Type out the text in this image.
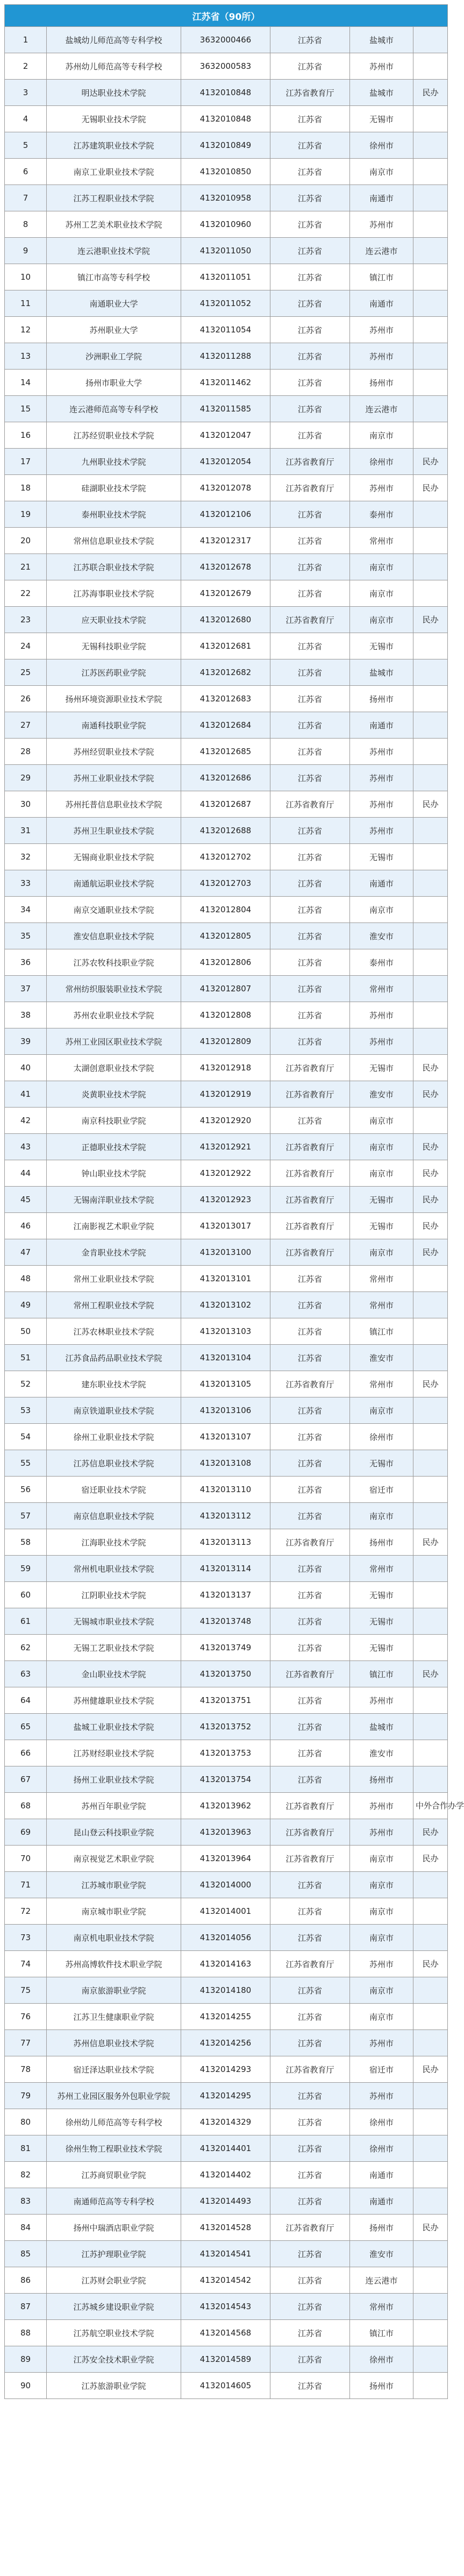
江苏省（90所）					
1	盐城幼儿师范高等专科学校	3632000466	江苏省	盐城市	
2	苏州幼儿师范高等专科学校	3632000583	江苏省	苏州市	
3	明达职业技术学院	4132010848	江苏省教育厅	盐城市	民办
4	无锡职业技术学院	4132010848	江苏省	无锡市	
5	江苏建筑职业技术学院	4132010849	江苏省	徐州市	
6	南京工业职业技术学院	4132010850	江苏省	南京市	
7	江苏工程职业技术学院	4132010958	江苏省	南通市	
8	苏州工艺美术职业技术学院	4132010960	江苏省	苏州市	
9	连云港职业技术学院	4132011050	江苏省	连云港市	
10	镇江市高等专科学校	4132011051	江苏省	镇江市	
11	南通职业大学	4132011052	江苏省	南通市	
12	苏州职业大学	4132011054	江苏省	苏州市	
13	沙洲职业工学院	4132011288	江苏省	苏州市	
14	扬州市职业大学	4132011462	江苏省	扬州市	
15	连云港师范高等专科学校	4132011585	江苏省	连云港市	
16	江苏经贸职业技术学院	4132012047	江苏省	南京市	
17	九州职业技术学院	4132012054	江苏省教育厅	徐州市	民办
18	硅湖职业技术学院	4132012078	江苏省教育厅	苏州市	民办
19	泰州职业技术学院	4132012106	江苏省	泰州市	
20	常州信息职业技术学院	4132012317	江苏省	常州市	
21	江苏联合职业技术学院	4132012678	江苏省	南京市	
22	江苏海事职业技术学院	4132012679	江苏省	南京市	
23	应天职业技术学院	4132012680	江苏省教育厅	南京市	民办
24	无锡科技职业学院	4132012681	江苏省	无锡市	
25	江苏医药职业学院	4132012682	江苏省	盐城市	
26	扬州环境资源职业技术学院	4132012683	江苏省	扬州市	
27	南通科技职业学院	4132012684	江苏省	南通市	
28	苏州经贸职业技术学院	4132012685	江苏省	苏州市	
29	苏州工业职业技术学院	4132012686	江苏省	苏州市	
30	苏州托普信息职业技术学院	4132012687	江苏省教育厅	苏州市	民办
31	苏州卫生职业技术学院	4132012688	江苏省	苏州市	
32	无锡商业职业技术学院	4132012702	江苏省	无锡市	
33	南通航运职业技术学院	4132012703	江苏省	南通市	
34	南京交通职业技术学院	4132012804	江苏省	南京市	
35	淮安信息职业技术学院	4132012805	江苏省	淮安市	
36	江苏农牧科技职业学院	4132012806	江苏省	泰州市	
37	常州纺织服装职业技术学院	4132012807	江苏省	常州市	
38	苏州农业职业技术学院	4132012808	江苏省	苏州市	
39	苏州工业园区职业技术学院	4132012809	江苏省	苏州市	
40	太湖创意职业技术学院	4132012918	江苏省教育厅	无锡市	民办
41	炎黄职业技术学院	4132012919	江苏省教育厅	淮安市	民办
42	南京科技职业学院	4132012920	江苏省	南京市	
43	正德职业技术学院	4132012921	江苏省教育厅	南京市	民办
44	钟山职业技术学院	4132012922	江苏省教育厅	南京市	民办
45	无锡南洋职业技术学院	4132012923	江苏省教育厅	无锡市	民办
46	江南影视艺术职业学院	4132013017	江苏省教育厅	无锡市	民办
47	金肯职业技术学院	4132013100	江苏省教育厅	南京市	民办
48	常州工业职业技术学院	4132013101	江苏省	常州市	
49	常州工程职业技术学院	4132013102	江苏省	常州市	
50	江苏农林职业技术学院	4132013103	江苏省	镇江市	
51	江苏食品药品职业技术学院	4132013104	江苏省	淮安市	
52	建东职业技术学院	4132013105	江苏省教育厅	常州市	民办
53	南京铁道职业技术学院	4132013106	江苏省	南京市	
54	徐州工业职业技术学院	4132013107	江苏省	徐州市	
55	江苏信息职业技术学院	4132013108	江苏省	无锡市	
56	宿迁职业技术学院	4132013110	江苏省	宿迁市	
57	南京信息职业技术学院	4132013112	江苏省	南京市	
58	江海职业技术学院	4132013113	江苏省教育厅	扬州市	民办
59	常州机电职业技术学院	4132013114	江苏省	常州市	
60	江阴职业技术学院	4132013137	江苏省	无锡市	
61	无锡城市职业技术学院	4132013748	江苏省	无锡市	
62	无锡工艺职业技术学院	4132013749	江苏省	无锡市	
63	金山职业技术学院	4132013750	江苏省教育厅	镇江市	民办
64	苏州健雄职业技术学院	4132013751	江苏省	苏州市	
65	盐城工业职业技术学院	4132013752	江苏省	盐城市	
66	江苏财经职业技术学院	4132013753	江苏省	淮安市	
67	扬州工业职业技术学院	4132013754	江苏省	扬州市	
68	苏州百年职业学院	4132013962	江苏省教育厅	苏州市	中外合作办学
69	昆山登云科技职业学院	4132013963	江苏省教育厅	苏州市	民办
70	南京视觉艺术职业学院	4132013964	江苏省教育厅	南京市	民办
71	江苏城市职业学院	4132014000	江苏省	南京市	
72	南京城市职业学院	4132014001	江苏省	南京市	
73	南京机电职业技术学院	4132014056	江苏省	南京市	
74	苏州高博软件技术职业学院	4132014163	江苏省教育厅	苏州市	民办
75	南京旅游职业学院	4132014180	江苏省	南京市	
76	江苏卫生健康职业学院	4132014255	江苏省	南京市	
77	苏州信息职业技术学院	4132014256	江苏省	苏州市	
78	宿迁泽达职业技术学院	4132014293	江苏省教育厅	宿迁市	民办
79	苏州工业园区服务外包职业学院	4132014295	江苏省	苏州市	
80	徐州幼儿师范高等专科学校	4132014329	江苏省	徐州市	
81	徐州生物工程职业技术学院	4132014401	江苏省	徐州市	
82	江苏商贸职业学院	4132014402	江苏省	南通市	
83	南通师范高等专科学校	4132014493	江苏省	南通市	
84	扬州中瑞酒店职业学院	4132014528	江苏省教育厅	扬州市	民办
85	江苏护理职业学院	4132014541	江苏省	淮安市	
86	江苏财会职业学院	4132014542	江苏省	连云港市	
87	江苏城乡建设职业学院	4132014543	江苏省	常州市	
88	江苏航空职业技术学院	4132014568	江苏省	镇江市	
89	江苏安全技术职业学院	4132014589	江苏省	徐州市	
90	江苏旅游职业学院	4132014605	江苏省	扬州市	
